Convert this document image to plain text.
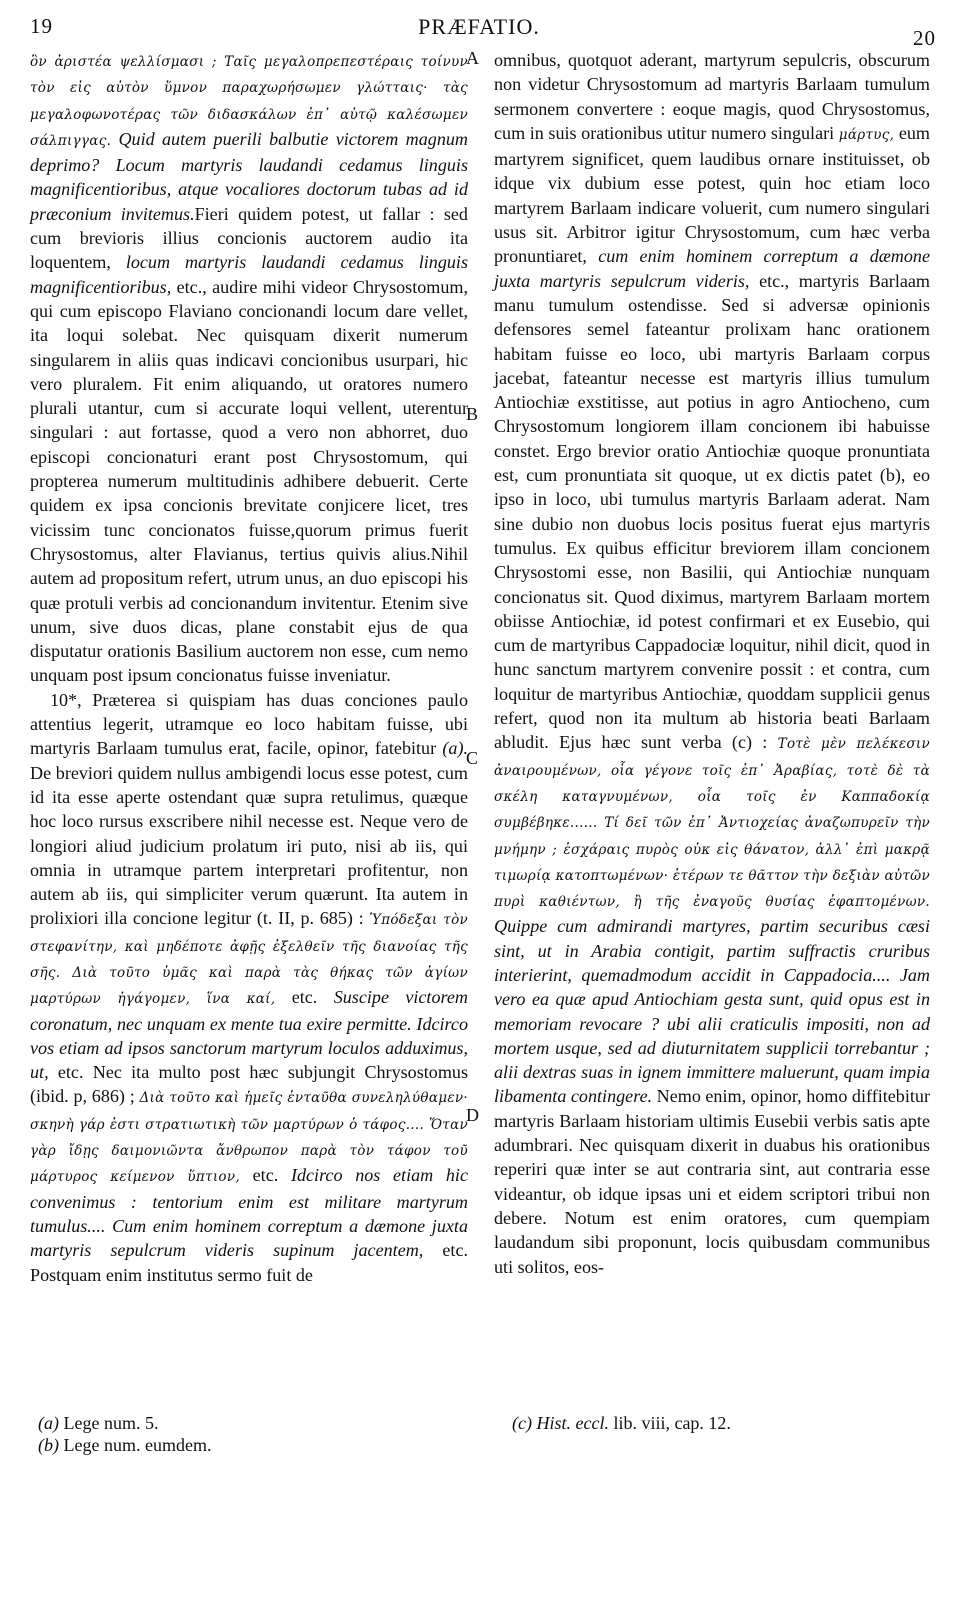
19	PRÆFATIO.	20
A
B
C
D

ὃν ἀριστέα ψελλίσμασι ; Ταῖς μεγαλοπρεπεστέραις τοίνυν τὸν εἰς αὐτὸν ὕμνον παραχωρήσωμεν γλώτταις· τὰς μεγαλοφωνοτέρας τῶν διδασκάλων ἐπ᾽ αὐτῷ καλέσωμεν σάλπιγγας. Quid autem puerili balbutie victorem magnum deprimo? Locum martyris laudandi cedamus linguis magnificentioribus, atque vocaliores doctorum tubas ad id præconium invitemus.Fieri quidem potest, ut fallar : sed cum brevioris illius concionis auctorem audio ita loquentem, locum martyris laudandi cedamus linguis magnificentioribus, etc., audire mihi videor Chrysostomum, qui cum episcopo Flaviano concionandi locum dare vellet, ita loqui solebat. Nec quisquam dixerit numerum singularem in aliis quas indicavi concionibus usurpari, hic vero pluralem. Fit enim aliquando, ut oratores numero plurali utantur, cum si accurate loqui vellent, uterentur singulari : aut fortasse, quod a vero non abhorret, duo episcopi concionaturi erant post Chrysostomum, qui propterea numerum multitudinis adhibere debuerit. Certe quidem ex ipsa concionis brevitate conjicere licet, tres vicissim tunc concionatos fuisse,quorum primus fuerit Chrysostomus, alter Flavianus, tertius quivis alius.Nihil autem ad propositum refert, utrum unus, an duo episcopi his quæ protuli verbis ad concionandum invitentur. Etenim sive unum, sive duos dicas, plane constabit ejus de qua disputatur orationis Basilium auctorem non esse, cum nemo unquam post ipsum concionatus fuisse inveniatur.

10*, Præterea si quispiam has duas conciones paulo attentius legerit, utramque eo loco habitam fuisse, ubi martyris Barlaam tumulus erat, facile, opinor, fatebitur (a). De breviori quidem nullus ambigendi locus esse potest, cum id ita esse aperte ostendant quæ supra retulimus, quæque hoc loco rursus exscribere nihil necesse est. Neque vero de longiori aliud judicium prolatum iri puto, nisi ab iis, qui omnia in utramque partem interpretari profitentur, non autem ab iis, qui simpliciter verum quærunt. Ita autem in prolixiori illa concione legitur (t. II, p. 685) : Ὑπόδεξαι τὸν στεφανίτην, καὶ μηδέποτε ἀφῇς ἐξελθεῖν τῆς διανοίας τῆς σῆς. Διὰ τοῦτο ὑμᾶς καὶ παρὰ τὰς θήκας τῶν ἁγίων μαρτύρων ἠγάγομεν, ἵνα καί, etc. Suscipe victorem coronatum, nec unquam ex mente tua exire permitte. Idcirco vos etiam ad ipsos sanctorum martyrum loculos adduximus, ut, etc. Nec ita multo post hæc subjungit Chrysostomus (ibid. p, 686) ; Διὰ τοῦτο καὶ ἡμεῖς ἐνταῦθα συνεληλύθαμεν· σκηνὴ γάρ ἐστι στρατιωτικὴ τῶν μαρτύρων ὁ τάφος.... Ὅταν γὰρ ἴδῃς δαιμονιῶντα ἄνθρωπον παρὰ τὸν τάφον τοῦ μάρτυρος κείμενον ὕπτιον, etc. Idcirco nos etiam hic convenimus : tentorium enim est militare martyrum tumulus.... Cum enim hominem correptum a dæmone juxta martyris sepulcrum videris supinum jacentem, etc. Postquam enim institutus sermo fuit de

omnibus, quotquot aderant, martyrum sepulcris, obscurum non videtur Chrysostomum ad martyris Barlaam tumulum sermonem convertere : eoque magis, quod Chrysostomus, cum in suis orationibus utitur numero singulari μάρτυς, eum martyrem significet, quem laudibus ornare instituisset, ob idque vix dubium esse potest, quin hoc etiam loco martyrem Barlaam indicare voluerit, cum numero singulari usus sit. Arbitror igitur Chrysostomum, cum hæc verba pronuntiaret, cum enim hominem correptum a dæmone juxta martyris sepulcrum videris, etc., martyris Barlaam manu tumulum ostendisse. Sed si adversæ opinionis defensores semel fateantur prolixam hanc orationem habitam fuisse eo loco, ubi martyris Barlaam corpus jacebat, fateantur necesse est martyris illius tumulum Antiochiæ exstitisse, aut potius in agro Antiocheno, cum Chrysostomum longiorem illam concionem ibi habuisse constet. Ergo brevior oratio Antiochiæ quoque pronuntiata est, cum pronuntiata sit quoque, ut ex dictis patet (b), eo ipso in loco, ubi tumulus martyris Barlaam aderat. Nam sine dubio non duobus locis positus fuerat ejus martyris tumulus. Ex quibus efficitur breviorem illam concionem Chrysostomi esse, non Basilii, qui Antiochiæ nunquam concionatus sit. Quod diximus, martyrem Barlaam mortem obiisse Antiochiæ, id potest confirmari et ex Eusebio, qui cum de martyribus Cappadociæ loquitur, nihil dicit, quod in hunc sanctum martyrem convenire possit : et contra, cum loquitur de martyribus Antiochiæ, quoddam supplicii genus refert, quod non ita multum ab historia beati Barlaam abludit. Ejus hæc sunt verba (c) : Τοτὲ μὲν πελέκεσιν ἀναιρουμένων, οἷα γέγονε τοῖς ἐπ᾽ Ἀραβίας, τοτὲ δὲ τὰ σκέλη καταγνυμένων, οἷα τοῖς ἐν Καππαδοκίᾳ συμβέβηκε...... Τί δεῖ τῶν ἐπ᾽ Ἀντιοχείας ἀναζωπυρεῖν τὴν μνήμην ; ἐσχάραις πυρὸς οὐκ εἰς θάνατον, ἀλλ᾽ ἐπὶ μακρᾷ τιμωρίᾳ κατοπτωμένων· ἑτέρων τε θᾶττον τὴν δεξιὰν αὐτῶν πυρὶ καθιέντων, ἢ τῆς ἐναγοῦς θυσίας ἐφαπτομένων. Quippe cum admirandi martyres, partim securibus cæsi sint, ut in Arabia contigit, partim suffractis cruribus interierint, quemadmodum accidit in Cappadocia.... Jam vero ea quæ apud Antiochiam gesta sunt, quid opus est in memoriam revocare ? ubi alii craticulis impositi, non ad mortem usque, sed ad diuturnitatem supplicii torrebantur ; alii dextras suas in ignem immittere maluerunt, quam impia libamenta contingere. Nemo enim, opinor, homo diffitebitur martyris Barlaam historiam ultimis Eusebii verbis satis apte adumbrari. Nec quisquam dixerit in duabus his orationibus reperiri quæ inter se aut contraria sint, aut contraria esse videantur, ob idque ipsas uni et eidem scriptori tribui non debere. Notum est enim oratores, cum quempiam laudandum sibi proponunt, locis quibusdam communibus uti solitos, eos-

(a) Lege num. 5.
(b) Lege num. eumdem.
(c) Hist. eccl. lib. viii, cap. 12.
